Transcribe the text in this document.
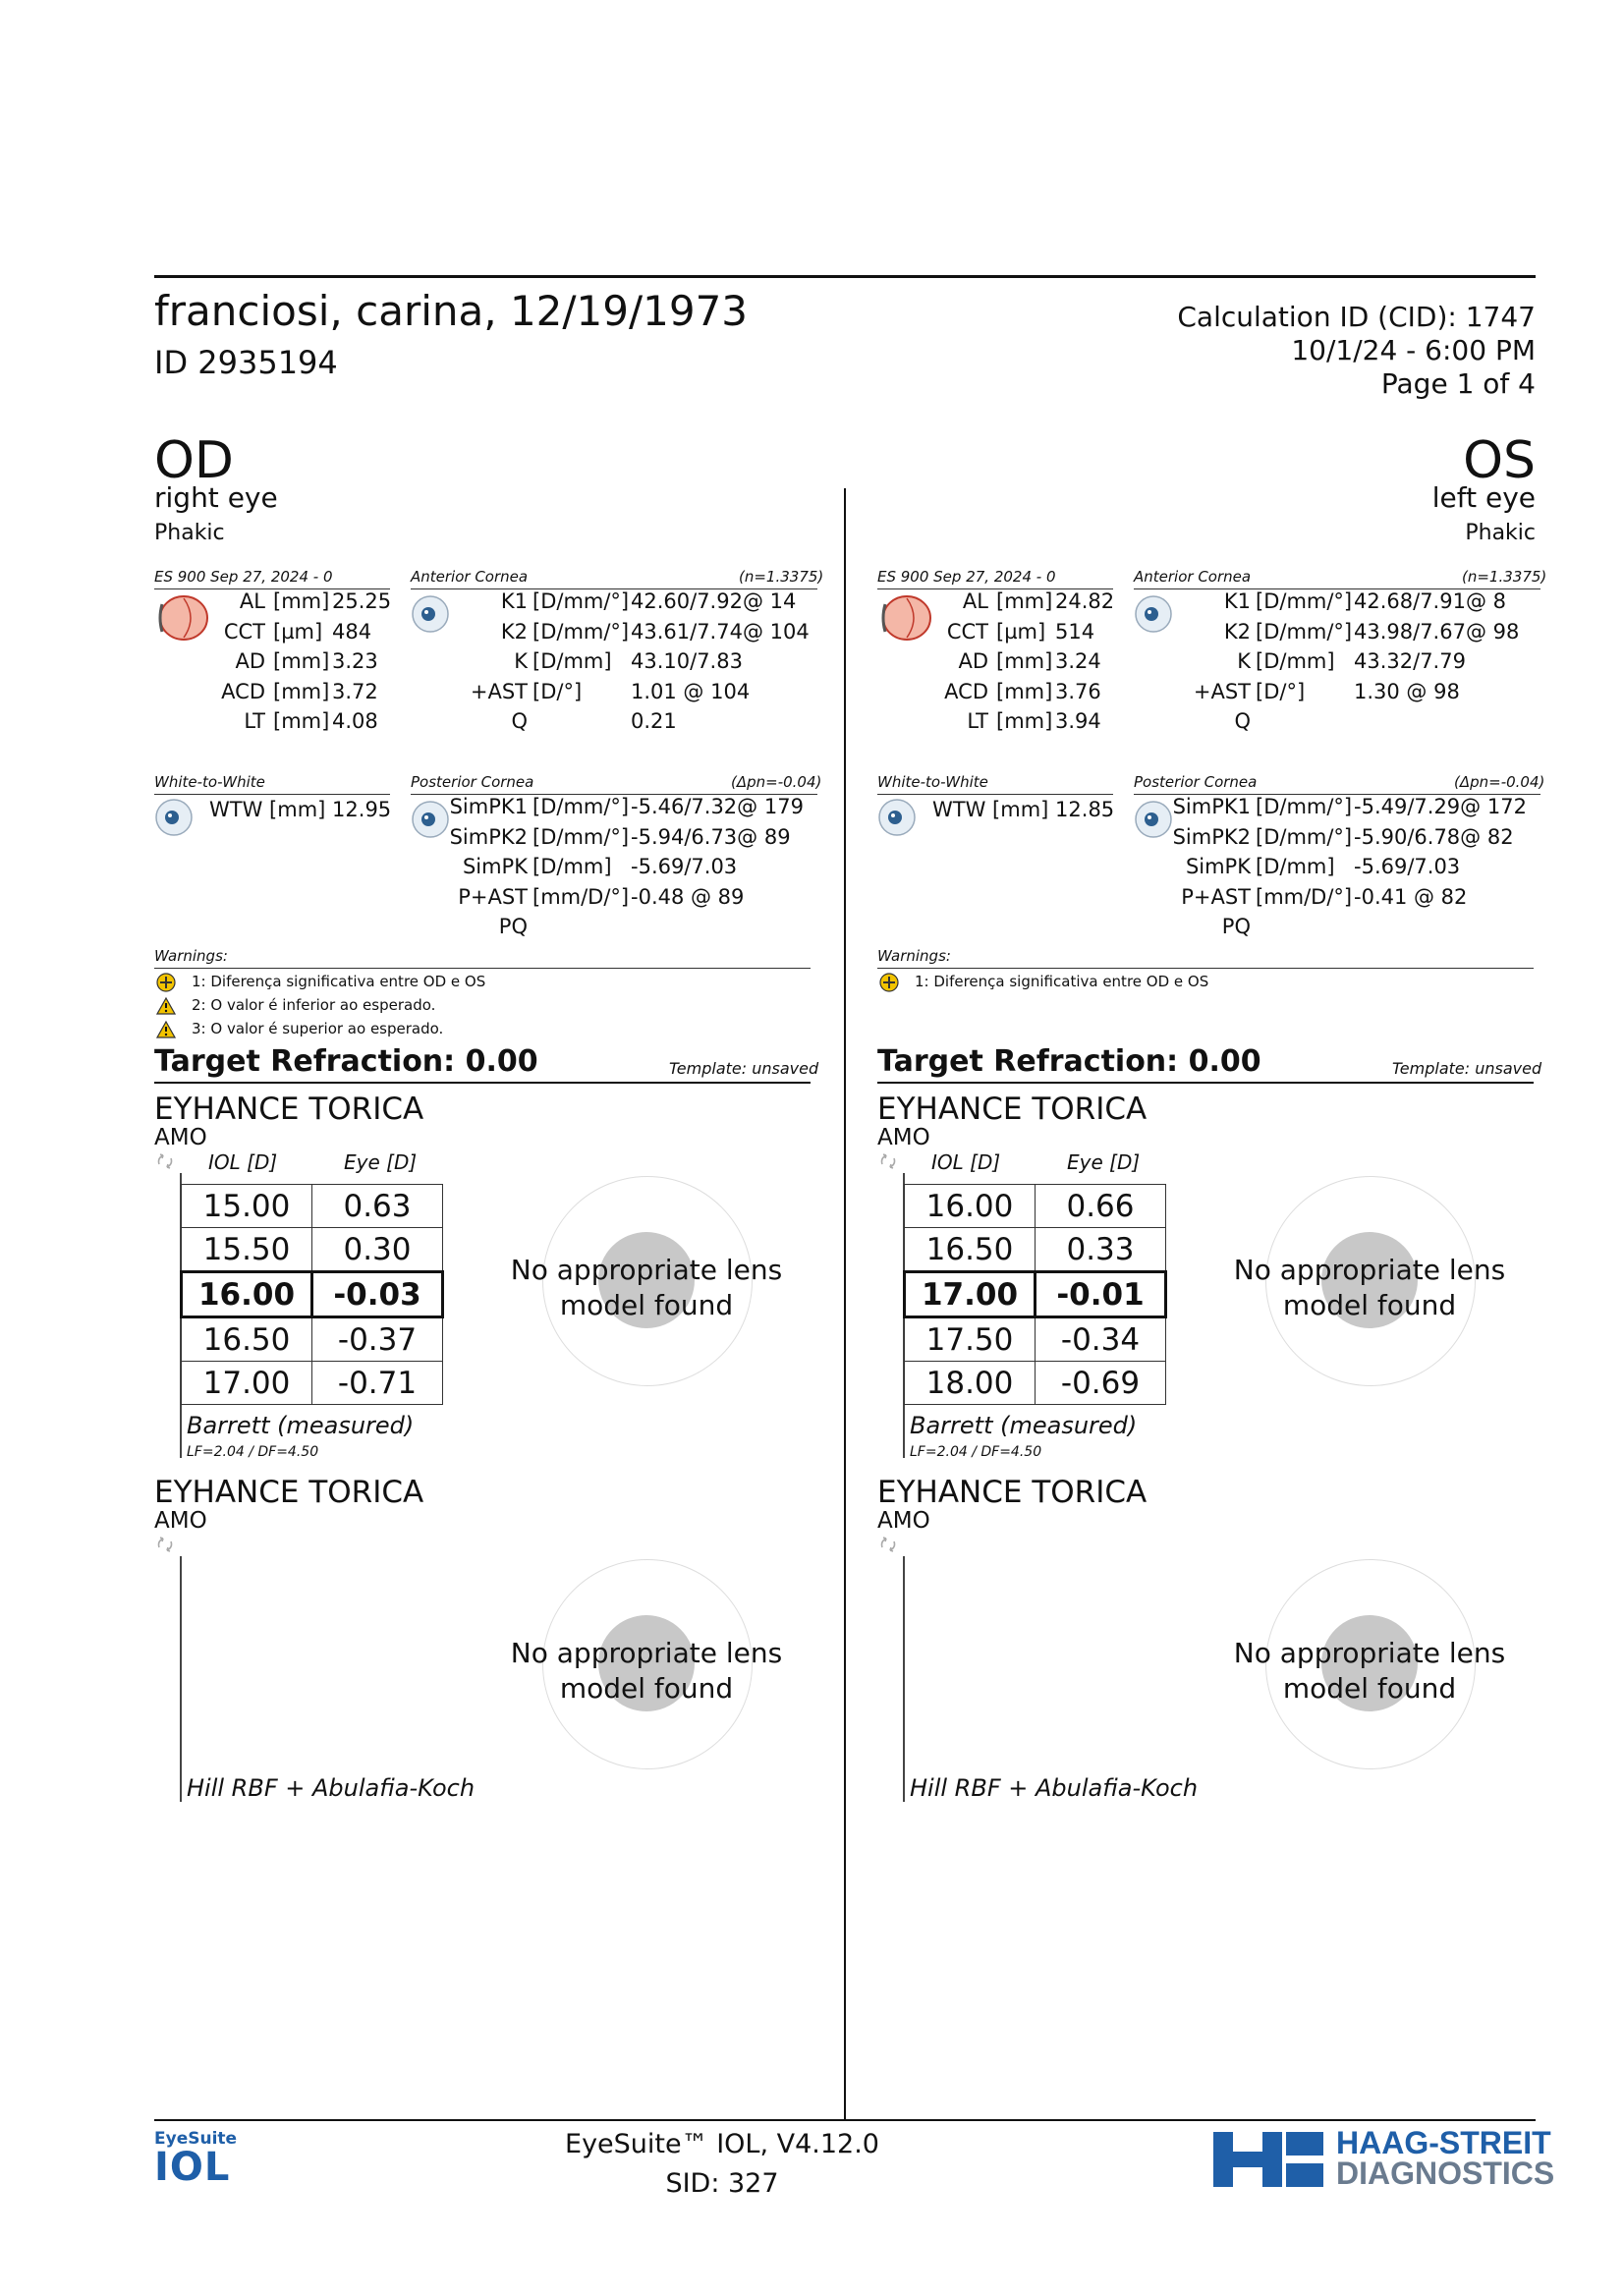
franciosi, carina, 12/19/1973
ID 2935194
Calculation ID (CID): 1747
10/1/24 - 6:00 PM
Page 1 of 4
OD
right eye
Phakic
ES 900 Sep 27, 2024 - 0
AL [mm] 25.25
CCT [µm] 484
AD [mm] 3.23
ACD [mm] 3.72
LT [mm] 4.08
Anterior Cornea	(n=1.3375)
K1 [D/mm/°] 42.60/7.92@ 14
K2 [D/mm/°] 43.61/7.74@ 104
K [D/mm] 43.10/7.83
+AST [D/°] 1.01 @ 104
Q	0.21
White-to-White
WTW [mm] 12.95
Posterior Cornea	(Δpn=-0.04)
SimPK1 [D/mm/°] -5.46/7.32@ 179
SimPK2 [D/mm/°] -5.94/6.73@ 89
SimPK [D/mm] -5.69/7.03
P+AST [mm/D/°] -0.48 @ 89
PQ
Warnings:
1: Diferença significativa entre OD e OS
2: O valor é inferior ao esperado.
3: O valor é superior ao esperado.
Target Refraction: 0.00	Template: unsaved
EYHANCE TORICA
AMO
IOL [D]	Eye [D]
15.00	0.63
15.50	0.30
16.00	-0.03
16.50	-0.37
17.00	-0.71
Barrett (measured)
LF=2.04 / DF=4.50
No appropriate lens
model found
EYHANCE TORICA
AMO
Hill RBF + Abulafia-Koch
No appropriate lens
model found
OS
left eye
Phakic
ES 900 Sep 27, 2024 - 0
AL [mm] 24.82
CCT [µm] 514
AD [mm] 3.24
ACD [mm] 3.76
LT [mm] 3.94
Anterior Cornea	(n=1.3375)
K1 [D/mm/°] 42.68/7.91@ 8
K2 [D/mm/°] 43.98/7.67@ 98
K [D/mm] 43.32/7.79
+AST [D/°] 1.30 @ 98
Q
White-to-White
WTW [mm] 12.85
Posterior Cornea	(Δpn=-0.04)
SimPK1 [D/mm/°] -5.49/7.29@ 172
SimPK2 [D/mm/°] -5.90/6.78@ 82
SimPK [D/mm] -5.69/7.03
P+AST [mm/D/°] -0.41 @ 82
PQ
Warnings:
1: Diferença significativa entre OD e OS
Target Refraction: 0.00	Template: unsaved
EYHANCE TORICA
AMO
IOL [D]	Eye [D]
16.00	0.66
16.50	0.33
17.00	-0.01
17.50	-0.34
18.00	-0.69
Barrett (measured)
LF=2.04 / DF=4.50
No appropriate lens
model found
EYHANCE TORICA
AMO
Hill RBF + Abulafia-Koch
No appropriate lens
model found
EyeSuite
IOL
EyeSuite™ IOL, V4.12.0
SID: 327
HAAG-STREIT
DIAGNOSTICS
